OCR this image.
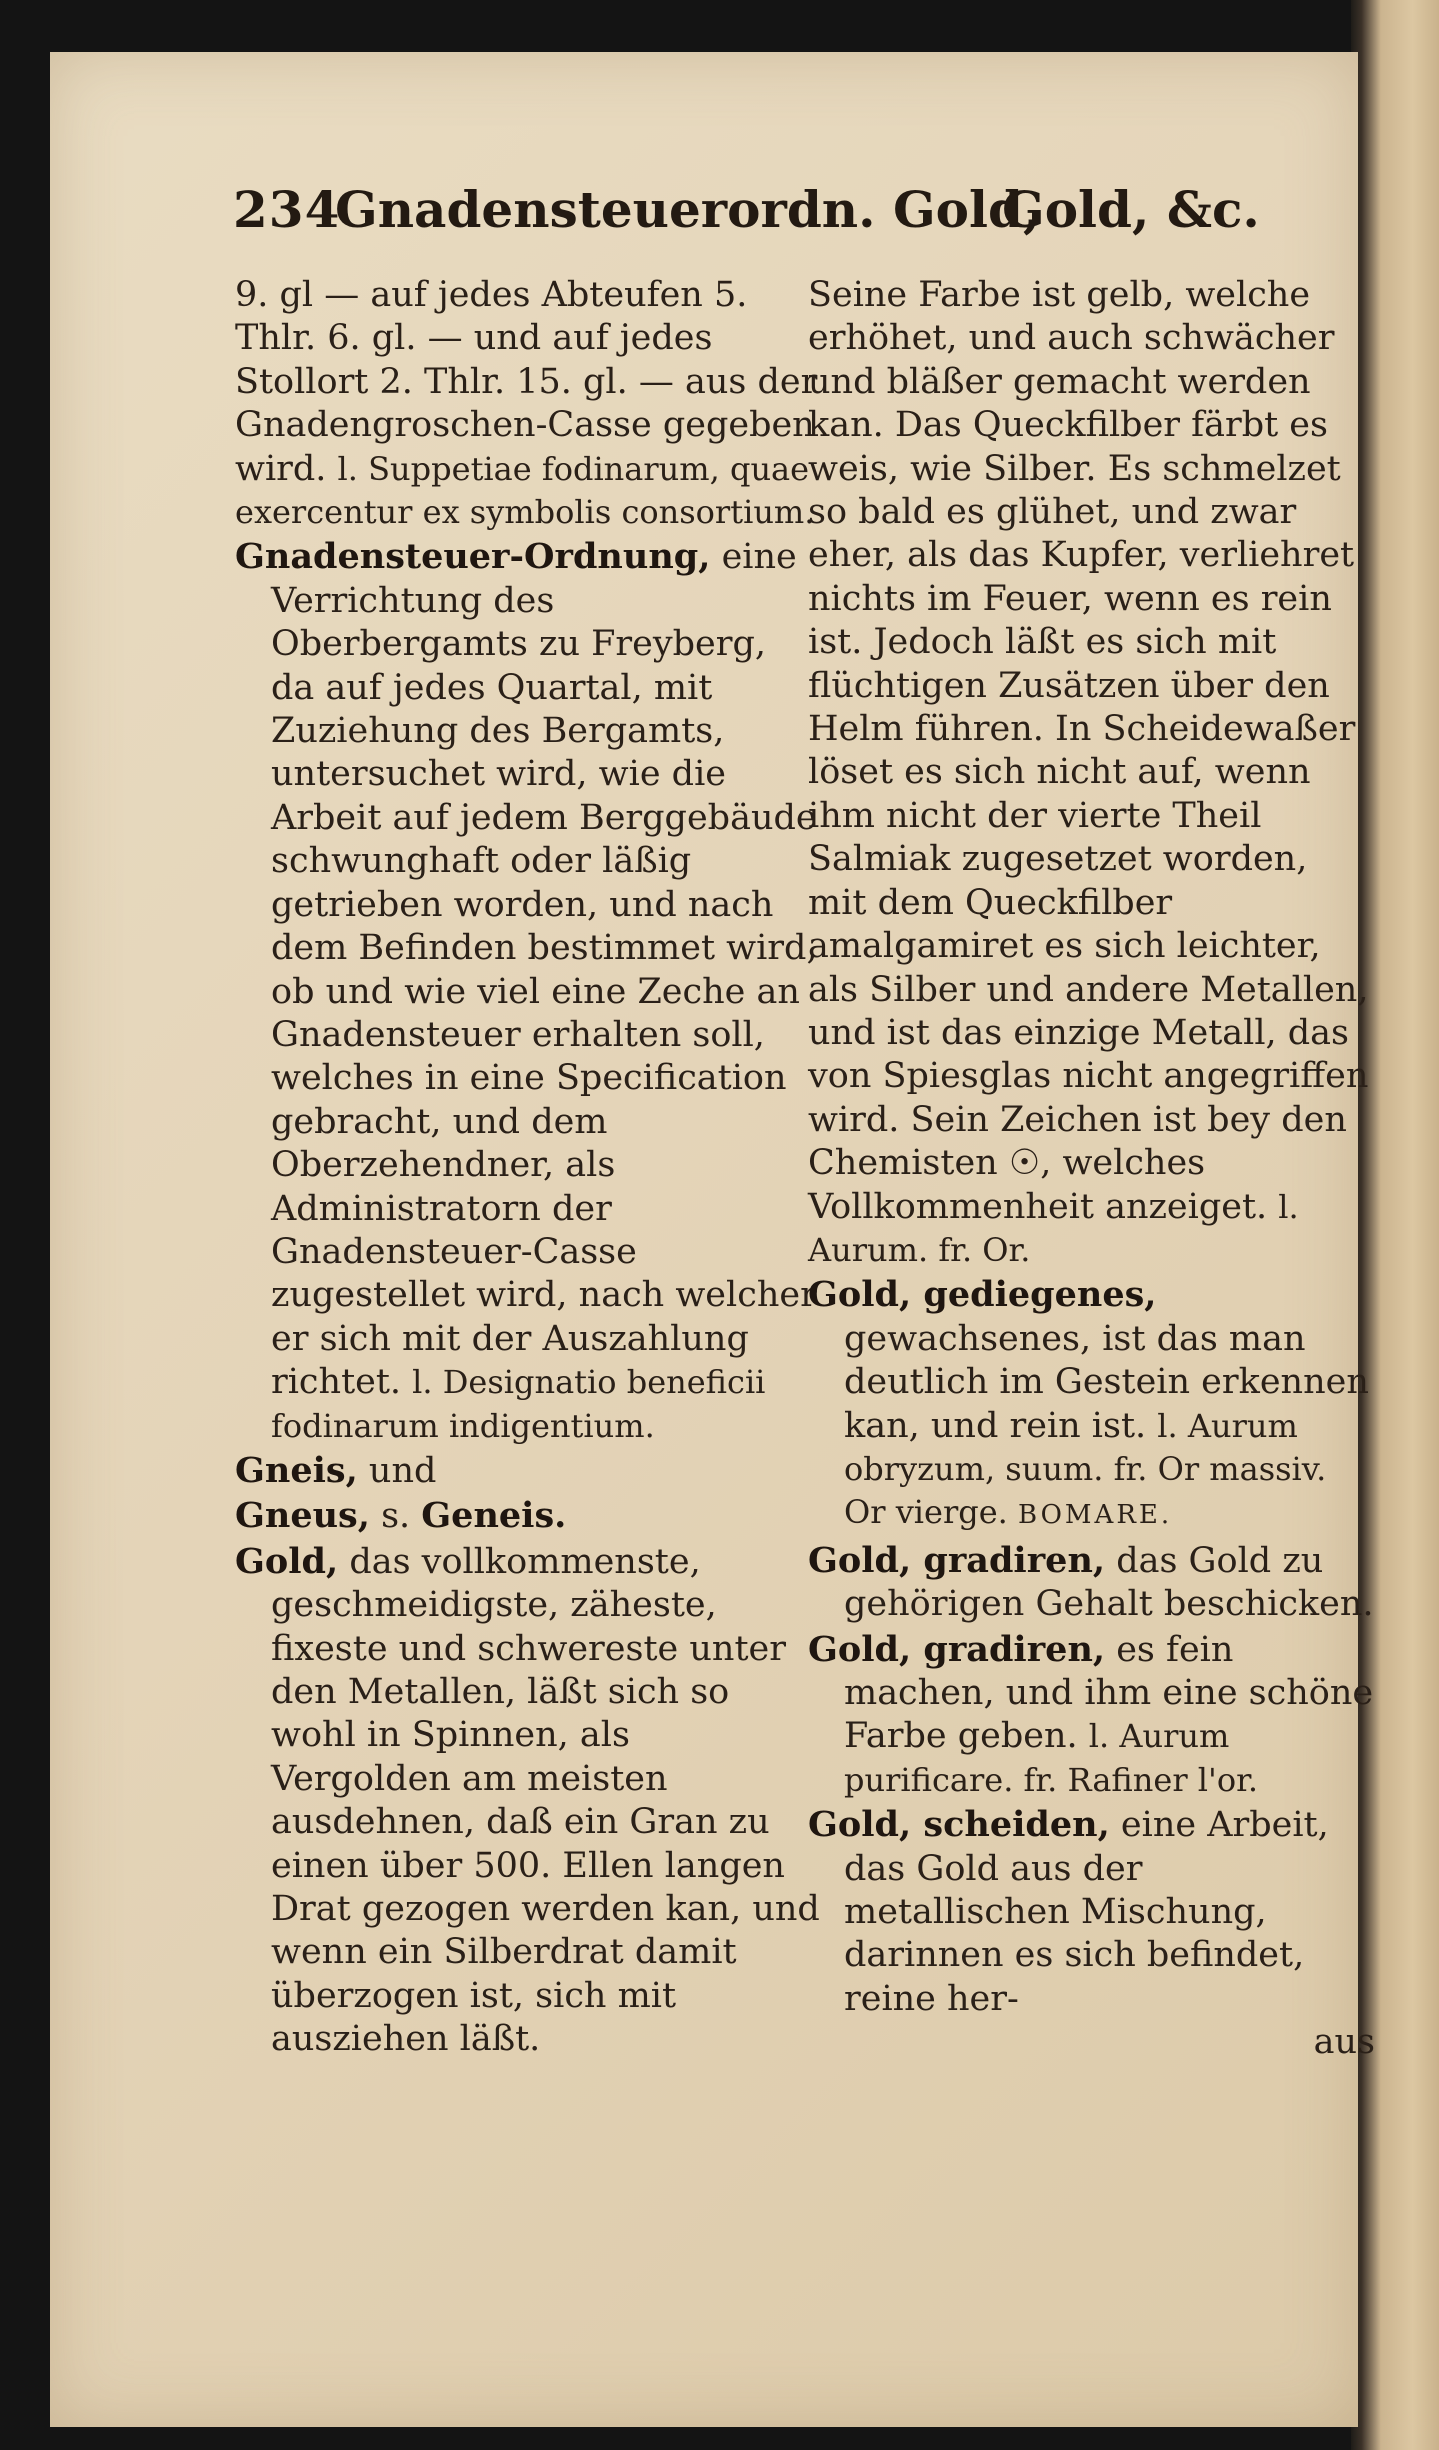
234
Gnadensteuerordn. Gold,
Gold, &c.

9. gl — auf jedes Abteufen 5. Thlr. 6. gl. — und auf jedes Stollort 2. Thlr. 15. gl. — aus der Gnadengroschen-Casse gegeben wird. l. Suppetiae fodinarum, quae exercentur ex symbolis consortium.

Gnadensteuer-Ordnung, eine Verrichtung des Oberbergamts zu Freyberg, da auf jedes Quartal, mit Zuziehung des Bergamts, untersuchet wird, wie die Arbeit auf jedem Berggebäude schwunghaft oder läßig getrieben worden, und nach dem Befinden bestimmet wird, ob und wie viel eine Zeche an Gnadensteuer erhalten soll, welches in eine Specification gebracht, und dem Oberzehendner, als Administratorn der Gnadensteuer-Casse zugestellet wird, nach welcher er sich mit der Auszahlung richtet. l. Designatio beneficii fodinarum indigentium.

Gneis, und

Gneus, s. Geneis.

Gold, das vollkommenste, geschmeidigste, zäheste, fixeste und schwereste unter den Metallen, läßt sich so wohl in Spinnen, als Vergolden am meisten ausdehnen, daß ein Gran zu einen über 500. Ellen langen Drat gezogen werden kan, und wenn ein Silberdrat damit überzogen ist, sich mit ausziehen läßt.

Seine Farbe ist gelb, welche erhöhet, und auch schwächer und bläßer gemacht werden kan. Das Queckfilber färbt es weis, wie Silber. Es schmelzet so bald es glühet, und zwar eher, als das Kupfer, verliehret nichts im Feuer, wenn es rein ist. Jedoch läßt es sich mit flüchtigen Zusätzen über den Helm führen. In Scheidewaßer löset es sich nicht auf, wenn ihm nicht der vierte Theil Salmiak zugesetzet worden, mit dem Queckfilber amalgamiret es sich leichter, als Silber und andere Metallen, und ist das einzige Metall, das von Spiesglas nicht angegriffen wird. Sein Zeichen ist bey den Chemisten ☉, welches Vollkommenheit anzeiget. l. Aurum. fr. Or.

Gold, gediegenes, gewachsenes, ist das man deutlich im Gestein erkennen kan, und rein ist. l. Aurum obryzum, suum. fr. Or massiv. Or vierge. BOMARE.

Gold, gradiren, das Gold zu gehörigen Gehalt beschicken.

Gold, gradiren, es fein machen, und ihm eine schöne Farbe geben. l. Aurum purificare. fr. Rafiner l'or.

Gold, scheiden, eine Arbeit, das Gold aus der metallischen Mischung, darinnen es sich befindet, reine her-

aus
